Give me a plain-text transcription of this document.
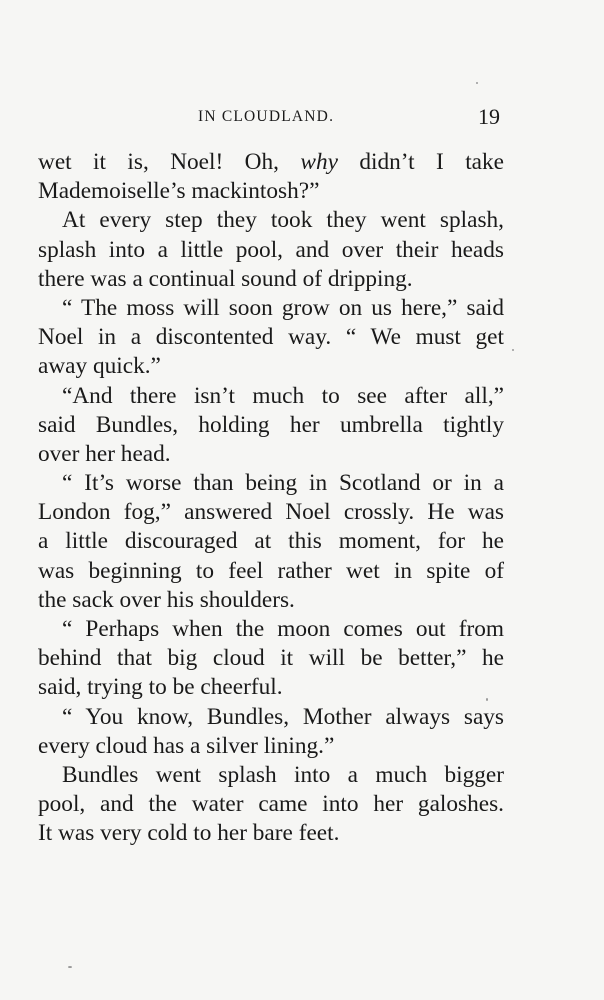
IN CLOUDLAND.	19
wet it is, Noel! Oh, why didn’t I take
Mademoiselle’s mackintosh?”
At every step they took they went splash,
splash into a little pool, and over their heads
there was a continual sound of dripping.
“ The moss will soon grow on us here,” said
Noel in a discontented way. “ We must get
away quick.”
“And there isn’t much to see after all,”
said Bundles, holding her umbrella tightly
over her head.
“ It’s worse than being in Scotland or in a
London fog,” answered Noel crossly. He was
a little discouraged at this moment, for he
was beginning to feel rather wet in spite of
the sack over his shoulders.
“ Perhaps when the moon comes out from
behind that big cloud it will be better,” he
said, trying to be cheerful.
“ You know, Bundles, Mother always says
every cloud has a silver lining.”
Bundles went splash into a much bigger
pool, and the water came into her galoshes.
It was very cold to her bare feet.
